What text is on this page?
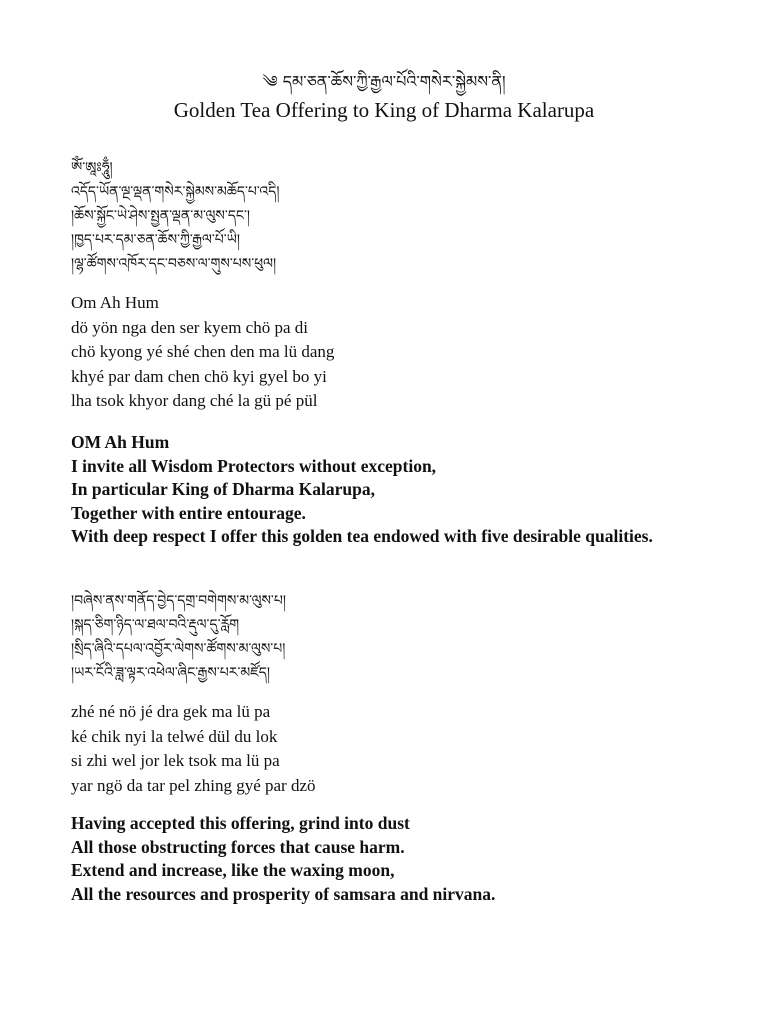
༄ དམ་ཅན་ཆོས་ཀྱི་རྒྱལ་པོའི་གསེར་སྐྱེམས་ནི།
Golden Tea Offering to King of Dharma Kalarupa
ཨོཾ་ཨཱཿཧཱུྃ།
འདོད་ཡོན་ལྔ་ལྡན་གསེར་སྐྱེམས་མཆོད་པ་འདི།
།ཆོས་སྐྱོང་ཡེ་ཤེས་སྤྱན་ལྡན་མ་ལུས་དང་།
།ཁྱད་པར་དམ་ཅན་ཆོས་ཀྱི་རྒྱལ་པོ་ཡི།
།ལྷ་ཚོགས་འཁོར་དང་བཅས་ལ་གུས་པས་ཕུལ།
Om Ah Hum
dö yön nga den ser kyem chö pa di
chö kyong yé shé chen den ma lü dang
khyé par dam chen chö kyi gyel bo yi
lha tsok khyor dang ché la gü pé pül
OM Ah Hum
I invite all Wisdom Protectors without exception,
In particular King of Dharma Kalarupa,
Together with entire entourage.
With deep respect I offer this golden tea endowed with five desirable qualities.
།བཞེས་ནས་གནོད་བྱེད་དགྲ་བགེགས་མ་ལུས་པ།
།སྐད་ཅིག་ཉིད་ལ་ཐལ་བའི་རྡུལ་དུ་རློག
།སྲིད་ཞིའི་དཔལ་འབྱོར་ལེགས་ཚོགས་མ་ལུས་པ།
།ཡར་ངོའི་ཟླ་ལྟར་འཕེལ་ཞིང་རྒྱས་པར་མཛོད།
zhé né nö jé dra gek ma lü pa
ké chik nyi la telwé dül du lok
si zhi wel jor lek tsok ma lü pa
yar ngö da tar pel zhing gyé par dzö
Having accepted this offering, grind into dust
All those obstructing forces that cause harm.
Extend and increase, like the waxing moon,
All the resources and prosperity of samsara and nirvana.
